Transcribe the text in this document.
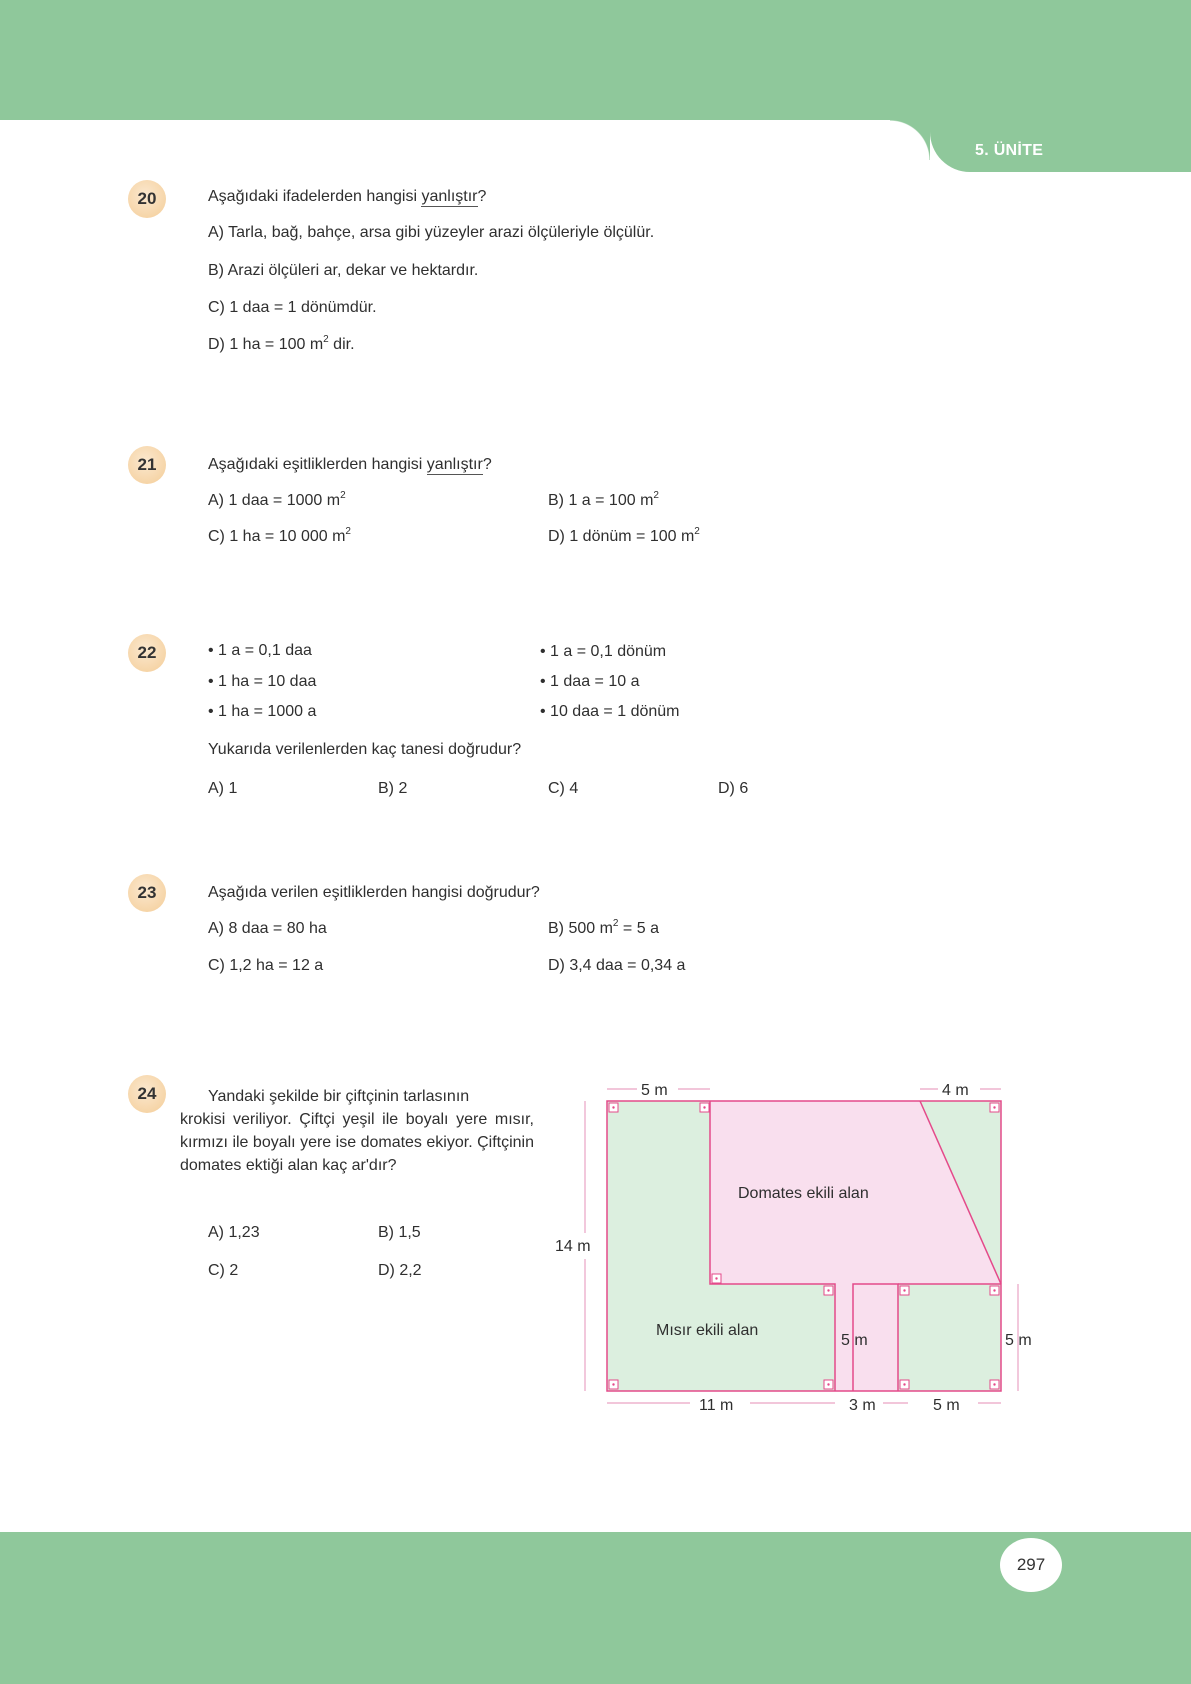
5. ÜNİTE
297
20	Aşağıdaki ifadelerden hangisi yanlıştır?
A) Tarla, bağ, bahçe, arsa gibi yüzeyler arazi ölçüleriyle ölçülür.
B) Arazi ölçüleri ar, dekar ve hektardır.
C) 1 daa = 1 dönümdür.
D) 1 ha = 100 $m^2$ dir.
21	Aşağıdaki eşitliklerden hangisi yanlıştır?
A) 1 daa = 1000 $m^2$	B) 1 a = 100 $m^2$
C) 1 ha = 10 000 $m^2$	D) 1 dönüm = 100 $m^2$
22	• 1 a = 0,1 daa
• 1 ha = 10 daa
• 1 ha = 1000 a
• 1 a = 0,1 dönüm
• 1 daa = 10 a
• 10 daa = 1 dönüm
Yukarıda verilenlerden kaç tanesi doğrudur?
A) 1	B) 2	C) 4	D) 6
23	Aşağıda verilen eşitliklerden hangisi doğrudur?
A) 8 daa = 80 ha	B) 500 $m^2 = 5$ a
C) 1,2 ha = 12 a	D) 3,4 daa = 0,34 a
24	Yandaki şekilde bir çiftçinin tarlasının
krokisi veriliyor. Çiftçi yeşil ile boyalı yere mısır, kırmızı ile boyalı yere ise domates ekiyor. Çiftçinin domates ektiği alan kaç ar'dır?
A) 1,23	B) 1,5
C) 2	D) 2,2
5 m	4 m
14 m
Domates ekili alan
Mısır ekili alan
5 m	5 m
11 m	3 m	5 m
